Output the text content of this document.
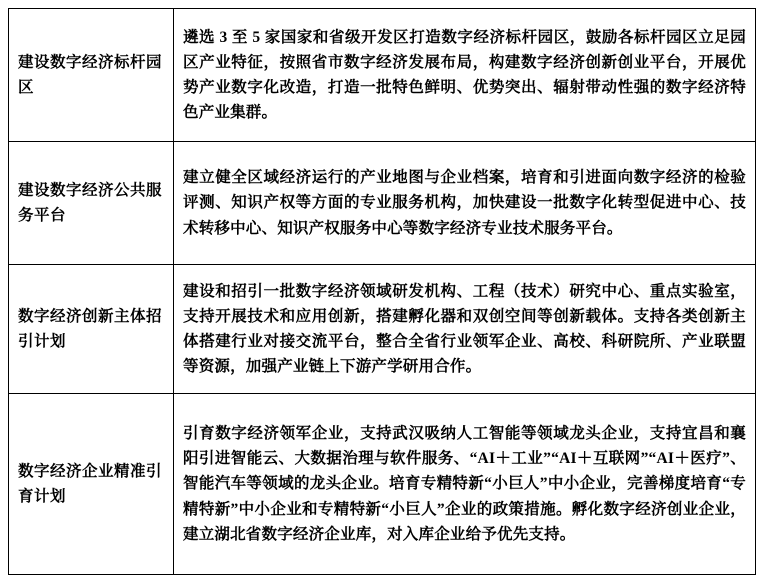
建设数字经济标杆园区	遴选 3 至 5 家国家和省级开发区打造数字经济标杆园区，鼓励各标杆园区立足园区产业特征，按照省市数字经济发展布局，构建数字经济创新创业平台，开展优势产业数字化改造，打造一批特色鲜明、优势突出、辐射带动性强的数字经济特色产业集群。

建设数字经济公共服务平台	建立健全区域经济运行的产业地图与企业档案，培育和引进面向数字经济的检验评测、知识产权等方面的专业服务机构，加快建设一批数字化转型促进中心、技术转移中心、知识产权服务中心等数字经济专业技术服务平台。

数字经济创新主体招引计划	建设和招引一批数字经济领域研发机构、工程（技术）研究中心、重点实验室，支持开展技术和应用创新，搭建孵化器和双创空间等创新载体。支持各类创新主体搭建行业对接交流平台，整合全省行业领军企业、高校、科研院所、产业联盟等资源，加强产业链上下游产学研用合作。

数字经济企业精准引育计划	引育数字经济领军企业，支持武汉吸纳人工智能等领域龙头企业，支持宜昌和襄阳引进智能云、大数据治理与软件服务、“AI＋工业”“AI＋互联网”“AI＋医疗”、智能汽车等领域的龙头企业。培育专精特新“小巨人”中小企业，完善梯度培育“专精特新”中小企业和专精特新“小巨人”企业的政策措施。孵化数字经济创业企业，建立湖北省数字经济企业库，对入库企业给予优先支持。
